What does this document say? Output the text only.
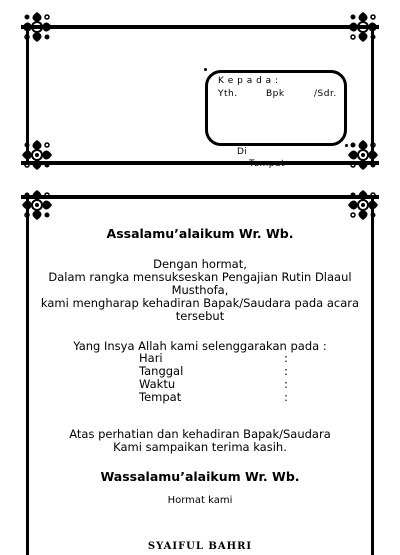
K e p a d a :
Yth.	Bpk	/Sdr.
Di
Tempat
Assalamu’alaikum Wr. Wb.
Dengan hormat,
Dalam rangka mensukseskan Pengajian Rutin Dlaaul
Musthofa,
kami mengharap kehadiran Bapak/Saudara pada acara
tersebut
Yang Insya Allah kami selenggarakan pada :
Hari	:
Tanggal	:
Waktu	:
Tempat	:
Atas perhatian dan kehadiran Bapak/Saudara
Kami sampaikan terima kasih.
Wassalamu’alaikum Wr. Wb.
Hormat kami
SYAIFUL BAHRI
